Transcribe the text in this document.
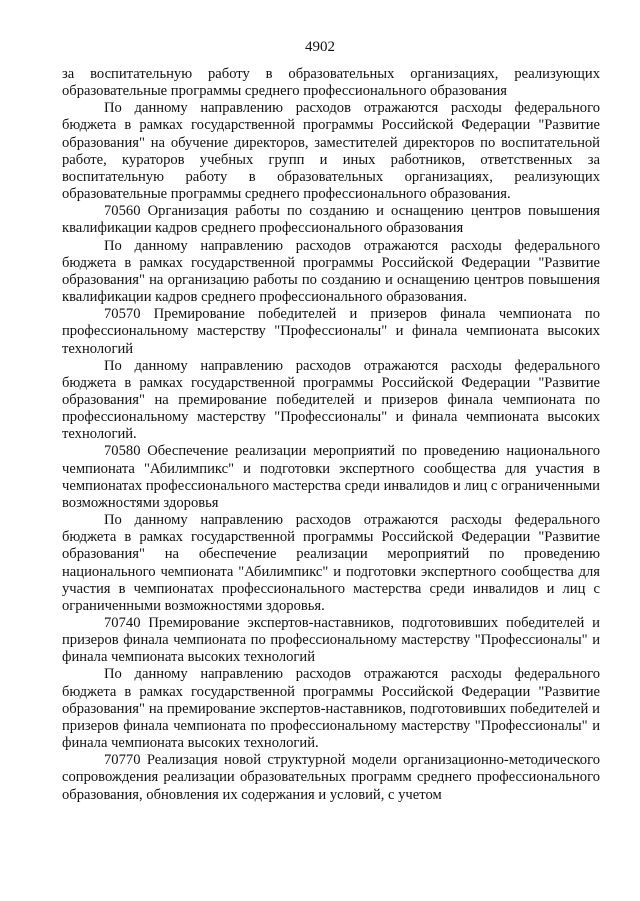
4902

за воспитательную работу в образовательных организациях, реализующих образовательные программы среднего профессионального образования

По данному направлению расходов отражаются расходы федерального бюджета в рамках государственной программы Российской Федерации "Развитие образования" на обучение директоров, заместителей директоров по воспитательной работе, кураторов учебных групп и иных работников, ответственных за воспитательную работу в образовательных организациях, реализующих образовательные программы среднего профессионального образования.

70560 Организация работы по созданию и оснащению центров повышения квалификации кадров среднего профессионального образования

По данному направлению расходов отражаются расходы федерального бюджета в рамках государственной программы Российской Федерации "Развитие образования" на организацию работы по созданию и оснащению центров повышения квалификации кадров среднего профессионального образования.

70570 Премирование победителей и призеров финала чемпионата по профессиональному мастерству "Профессионалы" и финала чемпионата высоких технологий

По данному направлению расходов отражаются расходы федерального бюджета в рамках государственной программы Российской Федерации "Развитие образования" на премирование победителей и призеров финала чемпионата по профессиональному мастерству "Профессионалы" и финала чемпионата высоких технологий.

70580 Обеспечение реализации мероприятий по проведению национального чемпионата "Абилимпикс" и подготовки экспертного сообщества для участия в чемпионатах профессионального мастерства среди инвалидов и лиц с ограниченными возможностями здоровья

По данному направлению расходов отражаются расходы федерального бюджета в рамках государственной программы Российской Федерации "Развитие образования" на обеспечение реализации мероприятий по проведению национального чемпионата "Абилимпикс" и подготовки экспертного сообщества для участия в чемпионатах профессионального мастерства среди инвалидов и лиц с ограниченными возможностями здоровья.

70740 Премирование экспертов-наставников, подготовивших победителей и призеров финала чемпионата по профессиональному мастерству "Профессионалы" и финала чемпионата высоких технологий

По данному направлению расходов отражаются расходы федерального бюджета в рамках государственной программы Российской Федерации "Развитие образования" на премирование экспертов-наставников, подготовивших победителей и призеров финала чемпионата по профессиональному мастерству "Профессионалы" и финала чемпионата высоких технологий.

70770 Реализация новой структурной модели организационно-методического сопровождения реализации образовательных программ среднего профессионального образования, обновления их содержания и условий, с учетом
